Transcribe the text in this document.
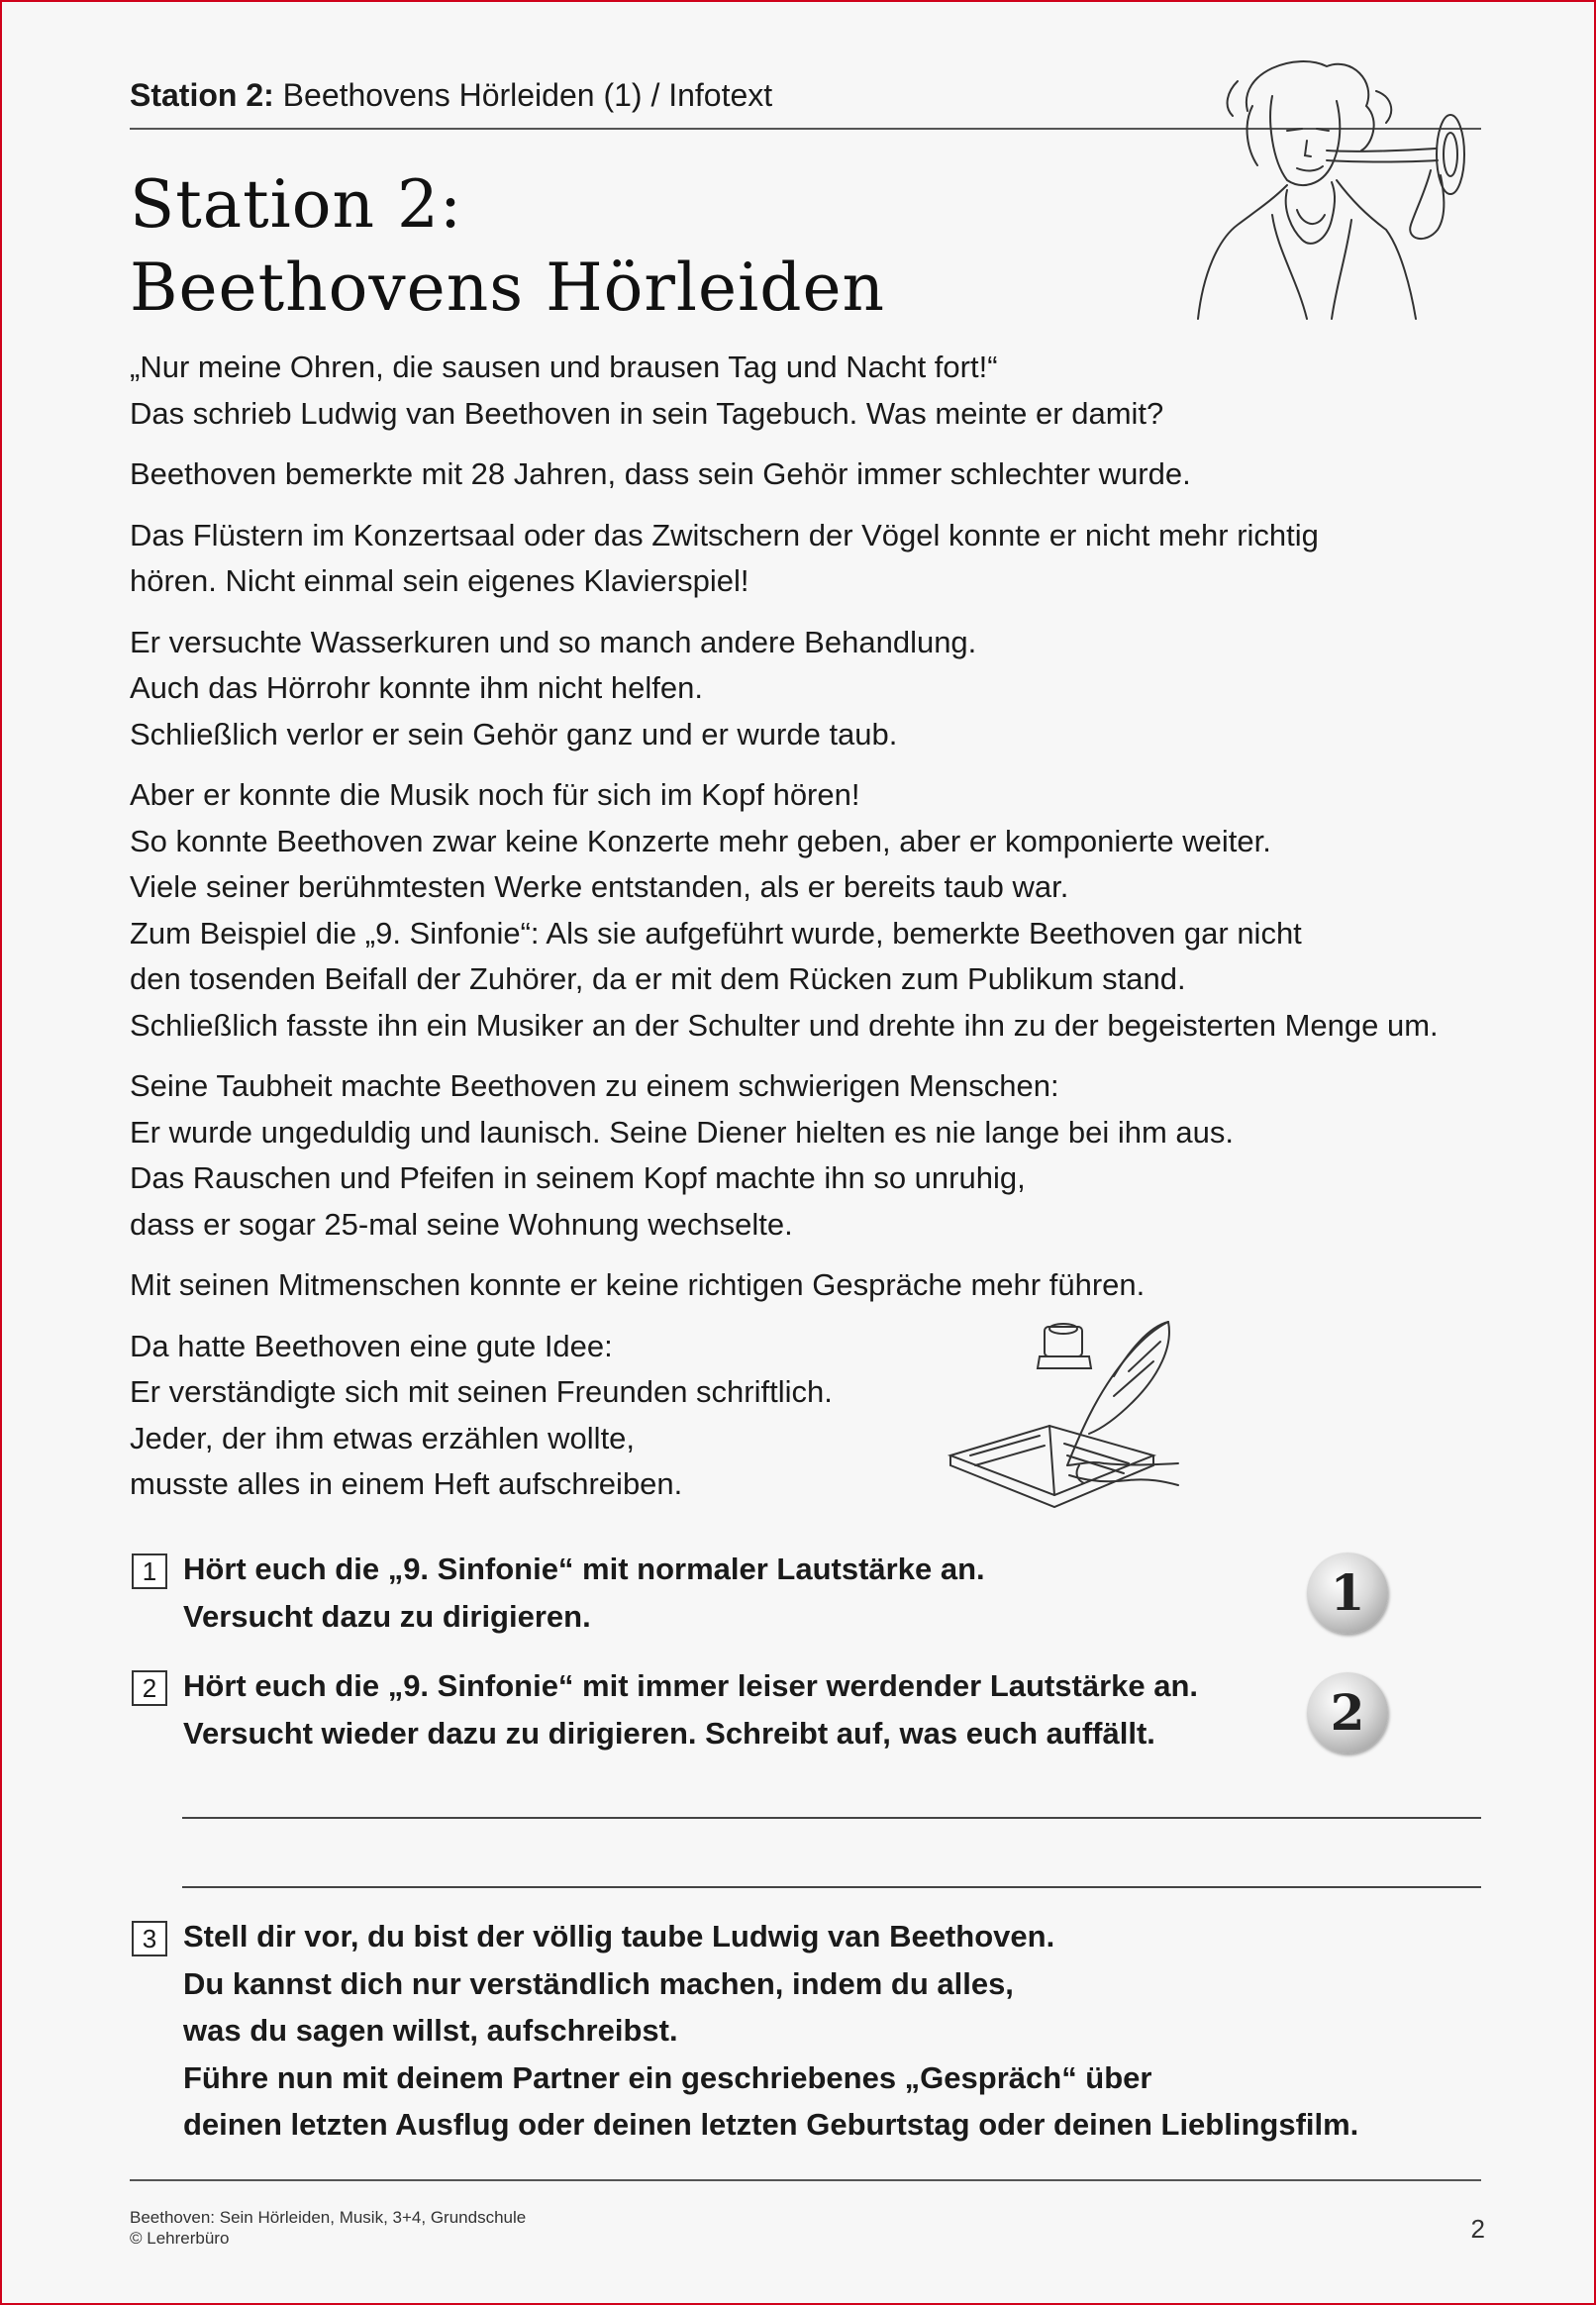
Station 2: Beethovens Hörleiden (1) / Infotext
Station 2:
Beethovens Hörleiden

„Nur meine Ohren, die sausen und brausen Tag und Nacht fort!“
Das schrieb Ludwig van Beethoven in sein Tagebuch. Was meinte er damit?

Beethoven bemerkte mit 28 Jahren, dass sein Gehör immer schlechter wurde.

Das Flüstern im Konzertsaal oder das Zwitschern der Vögel konnte er nicht mehr richtig
hören. Nicht einmal sein eigenes Klavierspiel!

Er versuchte Wasserkuren und so manch andere Behandlung.
Auch das Hörrohr konnte ihm nicht helfen.
Schließlich verlor er sein Gehör ganz und er wurde taub.

Aber er konnte die Musik noch für sich im Kopf hören!
So konnte Beethoven zwar keine Konzerte mehr geben, aber er komponierte weiter.
Viele seiner berühmtesten Werke entstanden, als er bereits taub war.
Zum Beispiel die „9. Sinfonie“: Als sie aufgeführt wurde, bemerkte Beethoven gar nicht
den tosenden Beifall der Zuhörer, da er mit dem Rücken zum Publikum stand.
Schließlich fasste ihn ein Musiker an der Schulter und drehte ihn zu der begeisterten Menge um.

Seine Taubheit machte Beethoven zu einem schwierigen Menschen:
Er wurde ungeduldig und launisch. Seine Diener hielten es nie lange bei ihm aus.
Das Rauschen und Pfeifen in seinem Kopf machte ihn so unruhig,
dass er sogar 25-mal seine Wohnung wechselte.

Mit seinen Mitmenschen konnte er keine richtigen Gespräche mehr führen.

Da hatte Beethoven eine gute Idee:
Er verständigte sich mit seinen Freunden schriftlich.
Jeder, der ihm etwas erzählen wollte,
musste alles in einem Heft aufschreiben.

1 Hört euch die „9. Sinfonie“ mit normaler Lautstärke an.
Versucht dazu zu dirigieren.	1
2 Hört euch die „9. Sinfonie“ mit immer leiser werdender Lautstärke an.
Versucht wieder dazu zu dirigieren. Schreibt auf, was euch auffällt.	2
3 Stell dir vor, du bist der völlig taube Ludwig van Beethoven.
Du kannst dich nur verständlich machen, indem du alles,
was du sagen willst, aufschreibst.
Führe nun mit deinem Partner ein geschriebenes „Gespräch“ über
deinen letzten Ausflug oder deinen letzten Geburtstag oder deinen Lieblingsfilm.
Beethoven: Sein Hörleiden, Musik, 3+4, Grundschule
© Lehrerbüro	2
